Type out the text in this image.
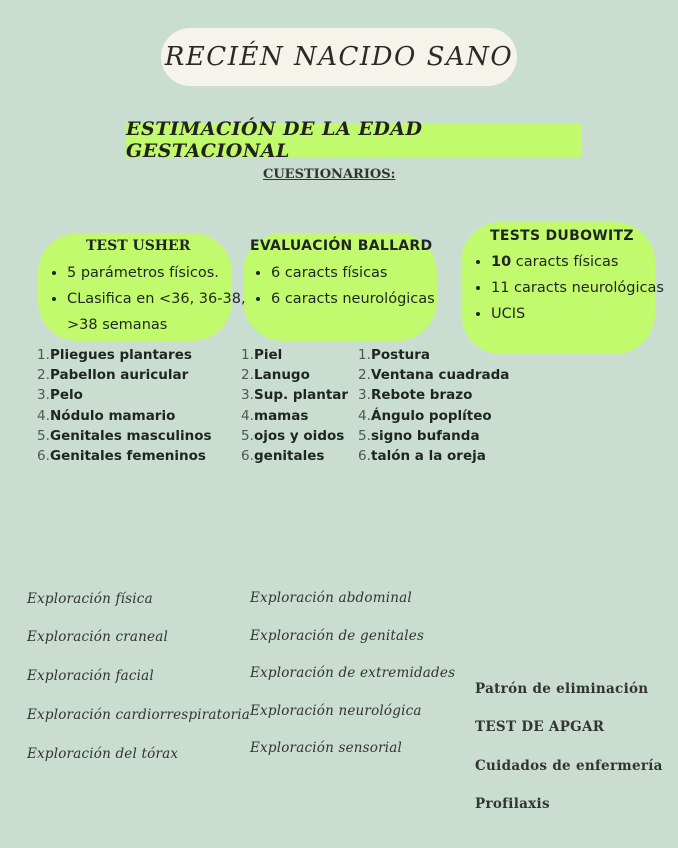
RECIÉN NACIDO SANO
ESTIMACIÓN DE LA EDAD GESTACIONAL
CUESTIONARIOS:
TEST USHER	EVALUACIÓN BALLARD
TESTS DUBOWITZ
• 5 parámetros físicos.
• CLasifica en <36, 36-38, >38 semanas
• 6 caracts físicas
• 6 caracts neurológicas
• 10 caracts físicas
• 11 caracts neurológicas
• UCIS
1. Pliegues plantares
2. Pabellon auricular
3. Pelo
4. Nódulo mamario
5. Genitales masculinos
6. Genitales femeninos
1. Piel
2. Lanugo
3. Sup. plantar
4. mamas
5. ojos y oidos
6. genitales
1. Postura
2. Ventana cuadrada
3. Rebote brazo
4. Ángulo poplíteo
5. signo bufanda
6. talón a la oreja
Exploración física
Exploración craneal
Exploración facial
Exploración cardiorrespiratoria
Exploración del tórax
Exploración abdominal
Exploración de genitales
Exploración de extremidades
Exploración neurológica
Exploración sensorial
Patrón de eliminación
TEST DE APGAR
Cuidados de enfermería
Profilaxis
